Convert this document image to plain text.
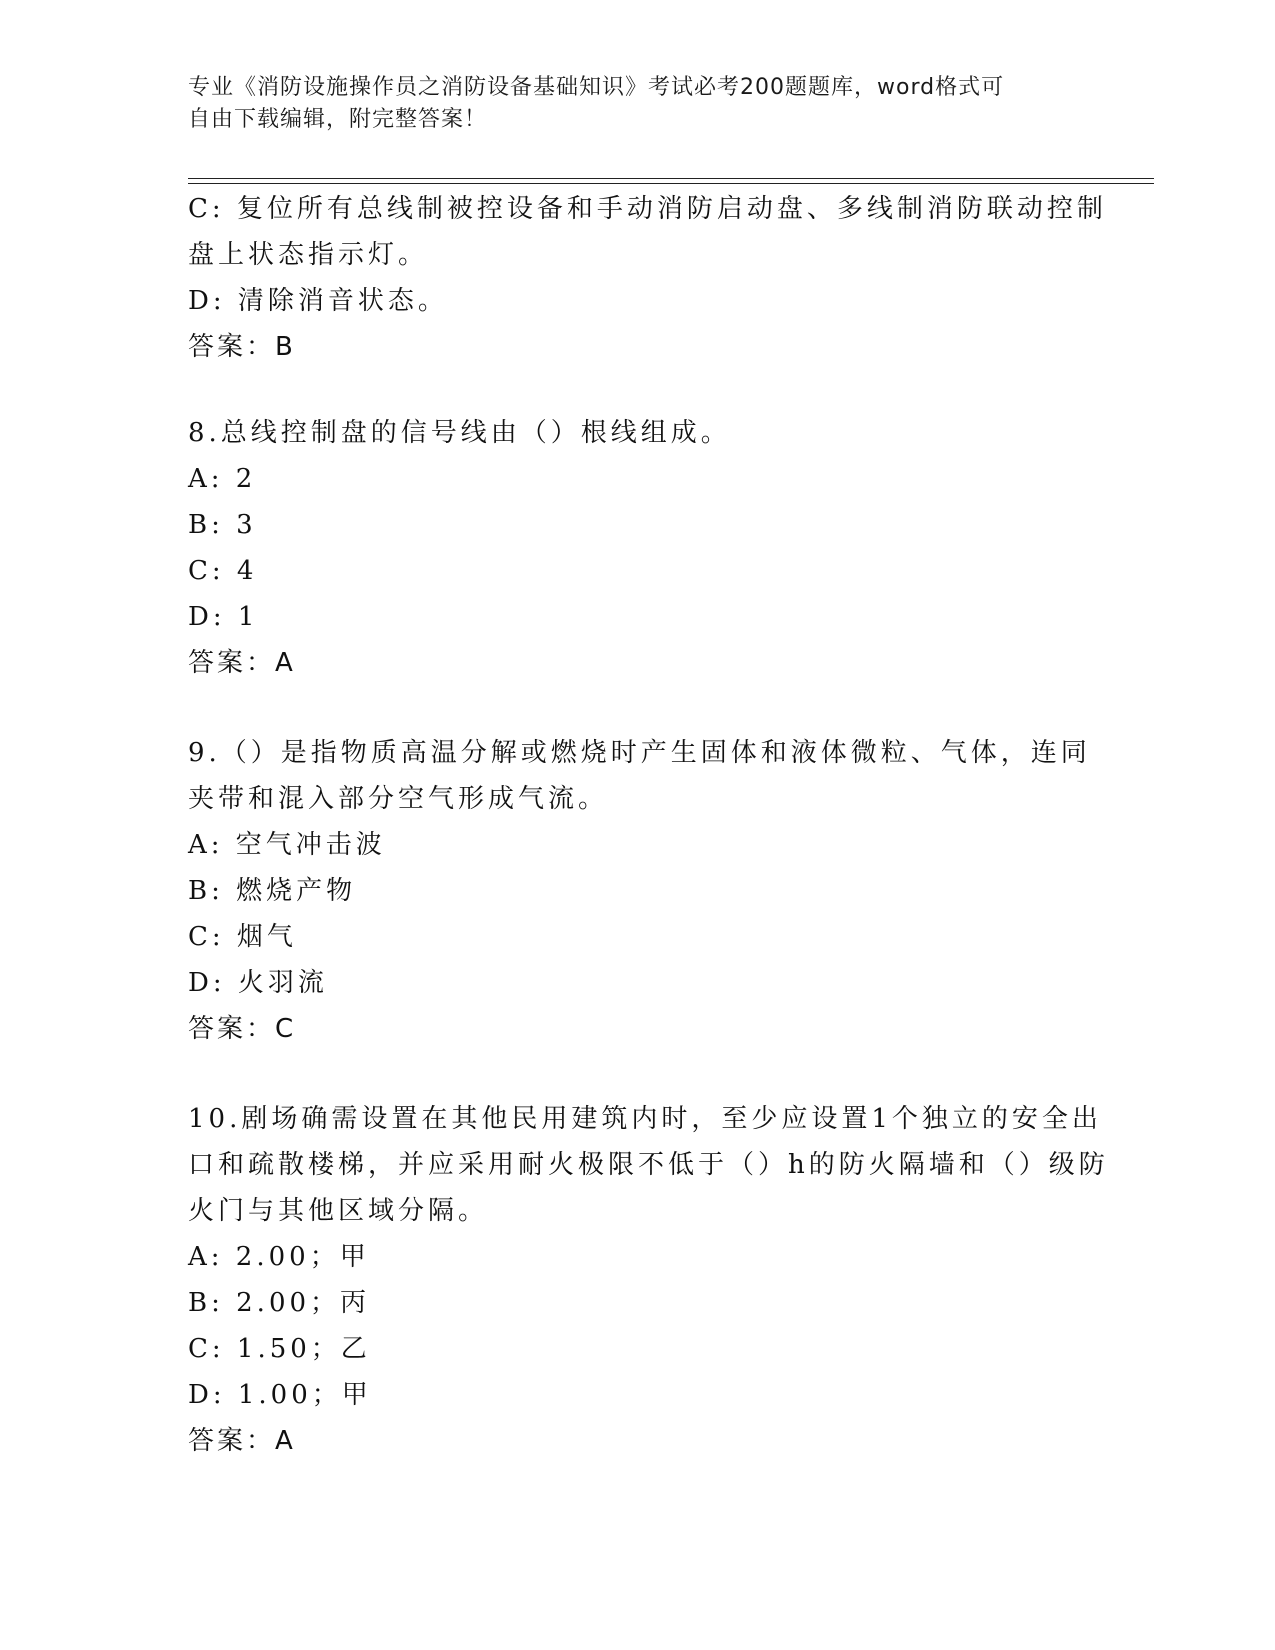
专业《消防设施操作员之消防设备基础知识》考试必考200题题库，word格式可
自由下载编辑，附完整答案！
C: 复位所有总线制被控设备和手动消防启动盘、多线制消防联动控制
盘上状态指示灯。
D: 清除消音状态。
答案：B
8.总线控制盘的信号线由（）根线组成。
A: 2
B: 3
C: 4
D: 1
答案：A
9.（）是指物质高温分解或燃烧时产生固体和液体微粒、气体，连同
夹带和混入部分空气形成气流。
A: 空气冲击波
B: 燃烧产物
C: 烟气
D: 火羽流
答案：C
10.剧场确需设置在其他民用建筑内时，至少应设置1个独立的安全出
口和疏散楼梯，并应采用耐火极限不低于（）h的防火隔墙和（）级防
火门与其他区域分隔。
A: 2.00；甲
B: 2.00；丙
C: 1.50；乙
D: 1.00；甲
答案：A
